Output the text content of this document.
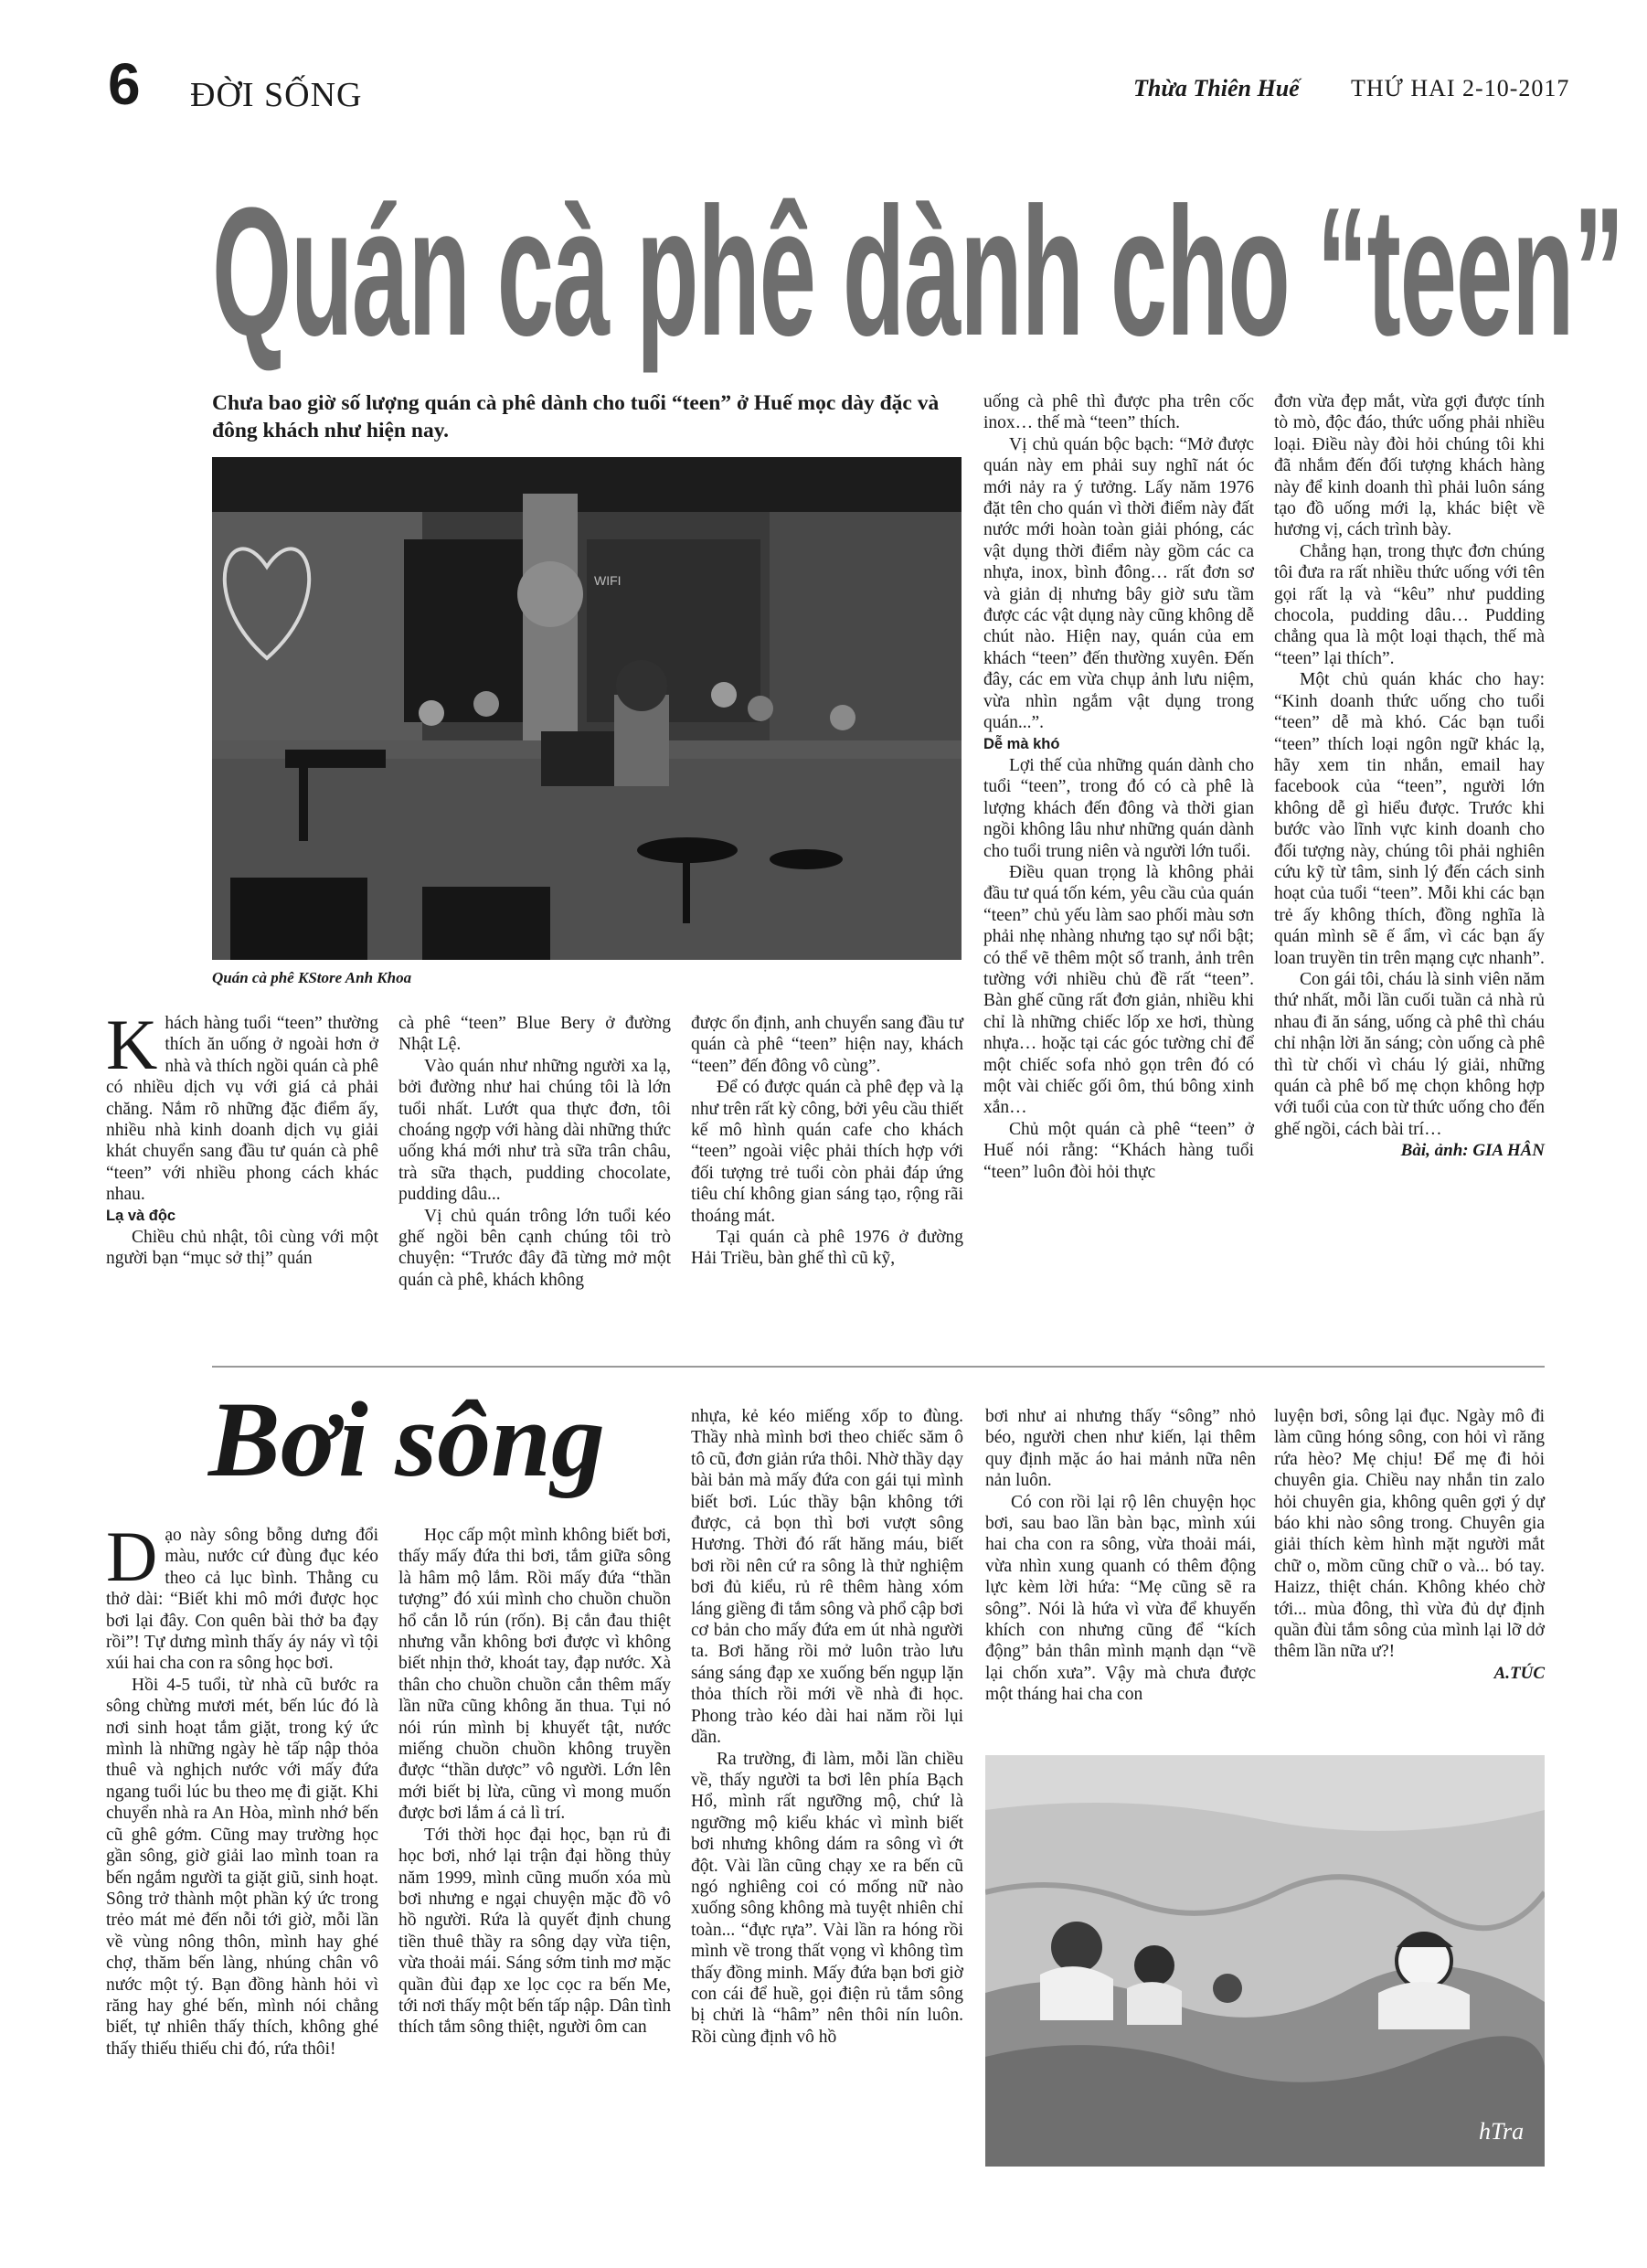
6 ĐỜI SỐNG	Thừa Thiên Huế THỨ HAI 2-10-2017
Quán cà phê dành cho “teen”
Chưa bao giờ số lượng quán cà phê dành cho tuổi “teen” ở Huế mọc dày đặc và đông khách như hiện nay.
WIFI
Quán cà phê KStore Anh Khoa
K hách hàng tuổi “teen” thường thích ăn uống ở ngoài hơn ở nhà và thích ngồi quán cà phê có nhiều dịch vụ với giá cả phải chăng. Nắm rõ những đặc điểm ấy, nhiều nhà kinh doanh dịch vụ giải khát chuyển sang đầu tư quán cà phê “teen” với nhiều phong cách khác nhau.

Lạ và độc

Chiều chủ nhật, tôi cùng với một người bạn “mục sở thị” quán

cà phê “teen” Blue Bery ở đường Nhật Lệ.

Vào quán như những người xa lạ, bởi đường như hai chúng tôi là lớn tuổi nhất. Lướt qua thực đơn, tôi choáng ngợp với hàng dài những thức uống khá mới như trà sữa trân châu, trà sữa thạch, pudding chocolate, pudding dâu...

Vị chủ quán trông lớn tuổi kéo ghế ngồi bên cạnh chúng tôi trò chuyện: “Trước đây đã từng mở một quán cà phê, khách không

được ổn định, anh chuyển sang đầu tư quán cà phê “teen” hiện nay, khách “teen” đến đông vô cùng”.

Để có được quán cà phê đẹp và lạ như trên rất kỳ công, bởi yêu cầu thiết kế mô hình quán cafe cho khách “teen” ngoài việc phải thích hợp với đối tượng trẻ tuổi còn phải đáp ứng tiêu chí không gian sáng tạo, rộng rãi thoáng mát.

Tại quán cà phê 1976 ở đường Hải Triều, bàn ghế thì cũ kỹ,

uống cà phê thì được pha trên cốc inox… thế mà “teen” thích.

Vị chủ quán bộc bạch: “Mở được quán này em phải suy nghĩ nát óc mới nảy ra ý tưởng. Lấy năm 1976 đặt tên cho quán vì thời điểm này đất nước mới hoàn toàn giải phóng, các vật dụng thời điểm này gồm các ca nhựa, inox, bình đông… rất đơn sơ và giản dị nhưng bây giờ sưu tầm được các vật dụng này cũng không dễ chút nào. Hiện nay, quán của em khách “teen” đến thường xuyên. Đến đây, các em vừa chụp ảnh lưu niệm, vừa nhìn ngắm vật dụng trong quán...”.

Dễ mà khó

Lợi thế của những quán dành cho tuổi “teen”, trong đó có cà phê là lượng khách đến đông và thời gian ngồi không lâu như những quán dành cho tuổi trung niên và người lớn tuổi.

Điều quan trọng là không phải đầu tư quá tốn kém, yêu cầu của quán “teen” chủ yếu làm sao phối màu sơn phải nhẹ nhàng nhưng tạo sự nổi bật; có thể vẽ thêm một số tranh, ảnh trên tường với nhiều chủ đề rất “teen”. Bàn ghế cũng rất đơn giản, nhiều khi chỉ là những chiếc lốp xe hơi, thùng nhựa… hoặc tại các góc tường chỉ để một chiếc sofa nhỏ gọn trên đó có một vài chiếc gối ôm, thú bông xinh xắn…

Chủ một quán cà phê “teen” ở Huế nói rằng: “Khách hàng tuổi “teen” luôn đòi hỏi thực

đơn vừa đẹp mắt, vừa gợi được tính tò mò, độc đáo, thức uống phải nhiều loại. Điều này đòi hỏi chúng tôi khi đã nhắm đến đối tượng khách hàng này để kinh doanh thì phải luôn sáng tạo đồ uống mới lạ, khác biệt về hương vị, cách trình bày.

Chẳng hạn, trong thực đơn chúng tôi đưa ra rất nhiều thức uống với tên gọi rất lạ và “kêu” như pudding chocola, pudding dâu… Pudding chẳng qua là một loại thạch, thế mà “teen” lại thích”.

Một chủ quán khác cho hay: “Kinh doanh thức uống cho tuổi “teen” dễ mà khó. Các bạn tuổi “teen” thích loại ngôn ngữ khác lạ, hãy xem tin nhắn, email hay facebook của “teen”, người lớn không dễ gì hiểu được. Trước khi bước vào lĩnh vực kinh doanh cho đối tượng này, chúng tôi phải nghiên cứu kỹ từ tâm, sinh lý đến cách sinh hoạt của tuổi “teen”. Mỗi khi các bạn trẻ ấy không thích, đồng nghĩa là quán mình sẽ ế ẩm, vì các bạn ấy loan truyền tin trên mạng cực nhanh”.

Con gái tôi, cháu là sinh viên năm thứ nhất, mỗi lần cuối tuần cả nhà rủ nhau đi ăn sáng, uống cà phê thì cháu chỉ nhận lời ăn sáng; còn uống cà phê thì từ chối vì cháu lý giải, những quán cà phê bố mẹ chọn không hợp với tuổi của con từ thức uống cho đến ghế ngồi, cách bài trí…

Bài, ảnh: GIA HÂN

Bơi sông
D ạo này sông bỗng dưng đổi màu, nước cứ đùng đục kéo theo cả lục bình. Thằng cu thở dài: “Biết khi mô mới được học bơi lại đây. Con quên bài thở ba đạy rồi”! Tự dưng mình thấy áy náy vì tội xúi hai cha con ra sông học bơi.

Hồi 4-5 tuổi, từ nhà cũ bước ra sông chừng mươi mét, bến lúc đó là nơi sinh hoạt tắm giặt, trong ký ức mình là những ngày hè tấp nập thỏa thuê và nghịch nước với mấy đứa ngang tuổi lúc bu theo mẹ đi giặt. Khi chuyển nhà ra An Hòa, mình nhớ bến cũ ghê gớm. Cũng may trường học gần sông, giờ giải lao mình toan ra bến ngắm người ta giặt giũ, sinh hoạt. Sông trở thành một phần ký ức trong trẻo mát mẻ đến nỗi tới giờ, mỗi lần về vùng nông thôn, mình hay ghé chợ, thăm bến làng, nhúng chân vô nước một tý. Bạn đồng hành hỏi vì răng hay ghé bến, mình nói chẳng biết, tự nhiên thấy thích, không ghé thấy thiếu thiếu chi đó, rứa thôi!

Học cấp một mình không biết bơi, thấy mấy đứa thi bơi, tắm giữa sông là hâm mộ lắm. Rồi mấy đứa “thần tượng” đó xúi mình cho chuồn chuồn hổ cắn lỗ rún (rốn). Bị cắn đau thiệt nhưng vẫn không bơi được vì không biết nhịn thở, khoát tay, đạp nước. Xà thân cho chuồn chuồn cắn thêm mấy lần nữa cũng không ăn thua. Tụi nó nói rún mình bị khuyết tật, nước miếng chuồn chuồn không truyền được “thần dược” vô người. Lớn lên mới biết bị lừa, cũng vì mong muốn được bơi lắm á cả lì trí.

Tới thời học đại học, bạn rủ đi học bơi, nhớ lại trận đại hồng thủy năm 1999, mình cũng muốn xóa mù bơi nhưng e ngại chuyện mặc đồ vô hồ người. Rứa là quyết định chung tiền thuê thầy ra sông dạy vừa tiện, vừa thoải mái. Sáng sớm tinh mơ mặc quần đùi đạp xe lọc cọc ra bến Me, tới nơi thấy một bến tấp nập. Dân tình thích tắm sông thiệt, người ôm can

nhựa, kẻ kéo miếng xốp to đùng. Thầy nhà mình bơi theo chiếc săm ô tô cũ, đơn giản rứa thôi. Nhờ thầy dạy bài bản mà mấy đứa con gái tụi mình biết bơi. Lúc thầy bận không tới được, cả bọn thì bơi vượt sông Hương. Thời đó rất hăng máu, biết bơi rồi nên cứ ra sông là thử nghiệm bơi đủ kiểu, rủ rê thêm hàng xóm láng giềng đi tắm sông và phổ cập bơi cơ bản cho mấy đứa em út nhà người ta. Bơi hăng rồi mở luôn trào lưu sáng sáng đạp xe xuống bến ngụp lặn thỏa thích rồi mới về nhà đi học. Phong trào kéo dài hai năm rồi lụi dần.

Ra trường, đi làm, mỗi lần chiều về, thấy người ta bơi lên phía Bạch Hổ, mình rất ngưỡng mộ, chứ là ngưỡng mộ kiểu khác vì mình biết bơi nhưng không dám ra sông vì ớt đột. Vài lần cũng chạy xe ra bến cũ ngó nghiêng coi có mống nữ nào xuống sông không mà tuyệt nhiên chỉ toàn... “đực rựa”. Vài lần ra hóng rồi mình về trong thất vọng vì không tìm thấy đồng minh. Mấy đứa bạn bơi giờ con cái để huề, gọi điện rủ tắm sông bị chửi là “hâm” nên thôi nín luôn. Rồi cùng định vô hồ

bơi như ai nhưng thấy “sông” nhỏ béo, người chen như kiến, lại thêm quy định mặc áo hai mảnh nữa nên nản luôn.

Có con rồi lại rộ lên chuyện học bơi, sau bao lần bàn bạc, mình xúi hai cha con ra sông, vừa thoải mái, vừa nhìn xung quanh có thêm động lực kèm lời hứa: “Mẹ cũng sẽ ra sông”. Nói là hứa vì vừa để khuyến khích con nhưng cũng để “kích động” bản thân mình mạnh dạn “về lại chốn xưa”. Vậy mà chưa được một tháng hai cha con

luyện bơi, sông lại đục. Ngày mô đi làm cũng hóng sông, con hỏi vì răng rứa hèo? Mẹ chịu! Để mẹ đi hỏi chuyên gia. Chiều nay nhắn tin zalo hỏi chuyên gia, không quên gợi ý dự báo khi nào sông trong. Chuyên gia giải thích kèm hình mặt người mắt chữ o, mồm cũng chữ o và... bó tay. Haizz, thiệt chán. Không khéo chờ tới... mùa đông, thì vừa đủ dự định quần đùi tắm sông của mình lại lỡ dở thêm lần nữa ư?!

A.TÚC

hTra
